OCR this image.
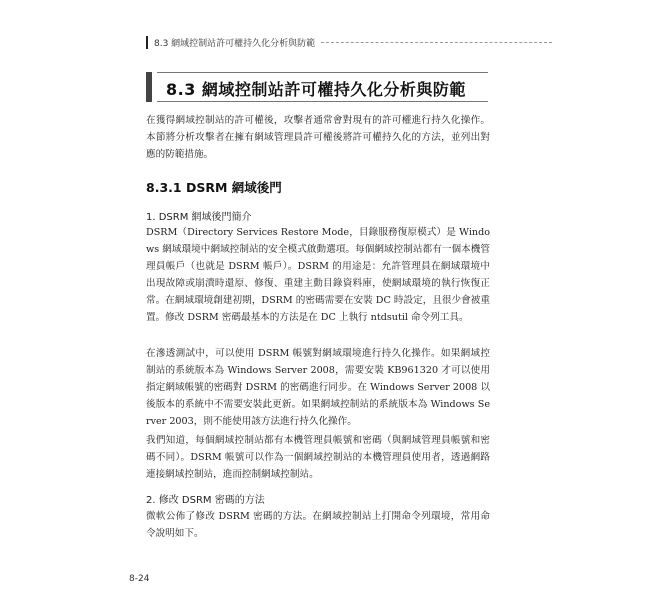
8.3 網域控制站許可權持久化分析與防範
8.3 網域控制站許可權持久化分析與防範

在獲得網域控制站的許可權後，攻擊者通常會對現有的許可權進行持久化操作。本節將分析攻擊者在擁有網域管理員許可權後將許可權持久化的方法，並列出對應的防範措施。

8.3.1 DSRM 網域後門
1. DSRM 網域後門簡介

DSRM（Directory Services Restore Mode，目錄服務復原模式）是 Windows 網域環境中網域控制站的安全模式啟動選項。每個網域控制站都有一個本機管理員帳戶（也就是 DSRM 帳戶）。DSRM 的用途是：允許管理員在網域環境中出現故障或崩潰時還原、修復、重建主動目錄資料庫，使網域環境的執行恢復正常。在網域環境創建初期，DSRM 的密碼需要在安裝 DC 時設定，且很少會被重置。修改 DSRM 密碼最基本的方法是在 DC 上執行 ntdsutil 命令列工具。

在滲透測試中，可以使用 DSRM 帳號對網域環境進行持久化操作。如果網域控制站的系統版本為 Windows Server 2008，需要安裝 KB961320 才可以使用指定網域帳號的密碼對 DSRM 的密碼進行同步。在 Windows Server 2008 以後版本的系統中不需要安裝此更新。如果網域控制站的系統版本為 Windows Server 2003，則不能使用該方法進行持久化操作。

我們知道，每個網域控制站都有本機管理員帳號和密碼（與網域管理員帳號和密碼不同）。DSRM 帳號可以作為一個網域控制站的本機管理員使用者，透過網路連接網域控制站，進而控制網域控制站。

2. 修改 DSRM 密碼的方法

微軟公佈了修改 DSRM 密碼的方法。在網域控制站上打開命令列環境，常用命令說明如下。

8-24
